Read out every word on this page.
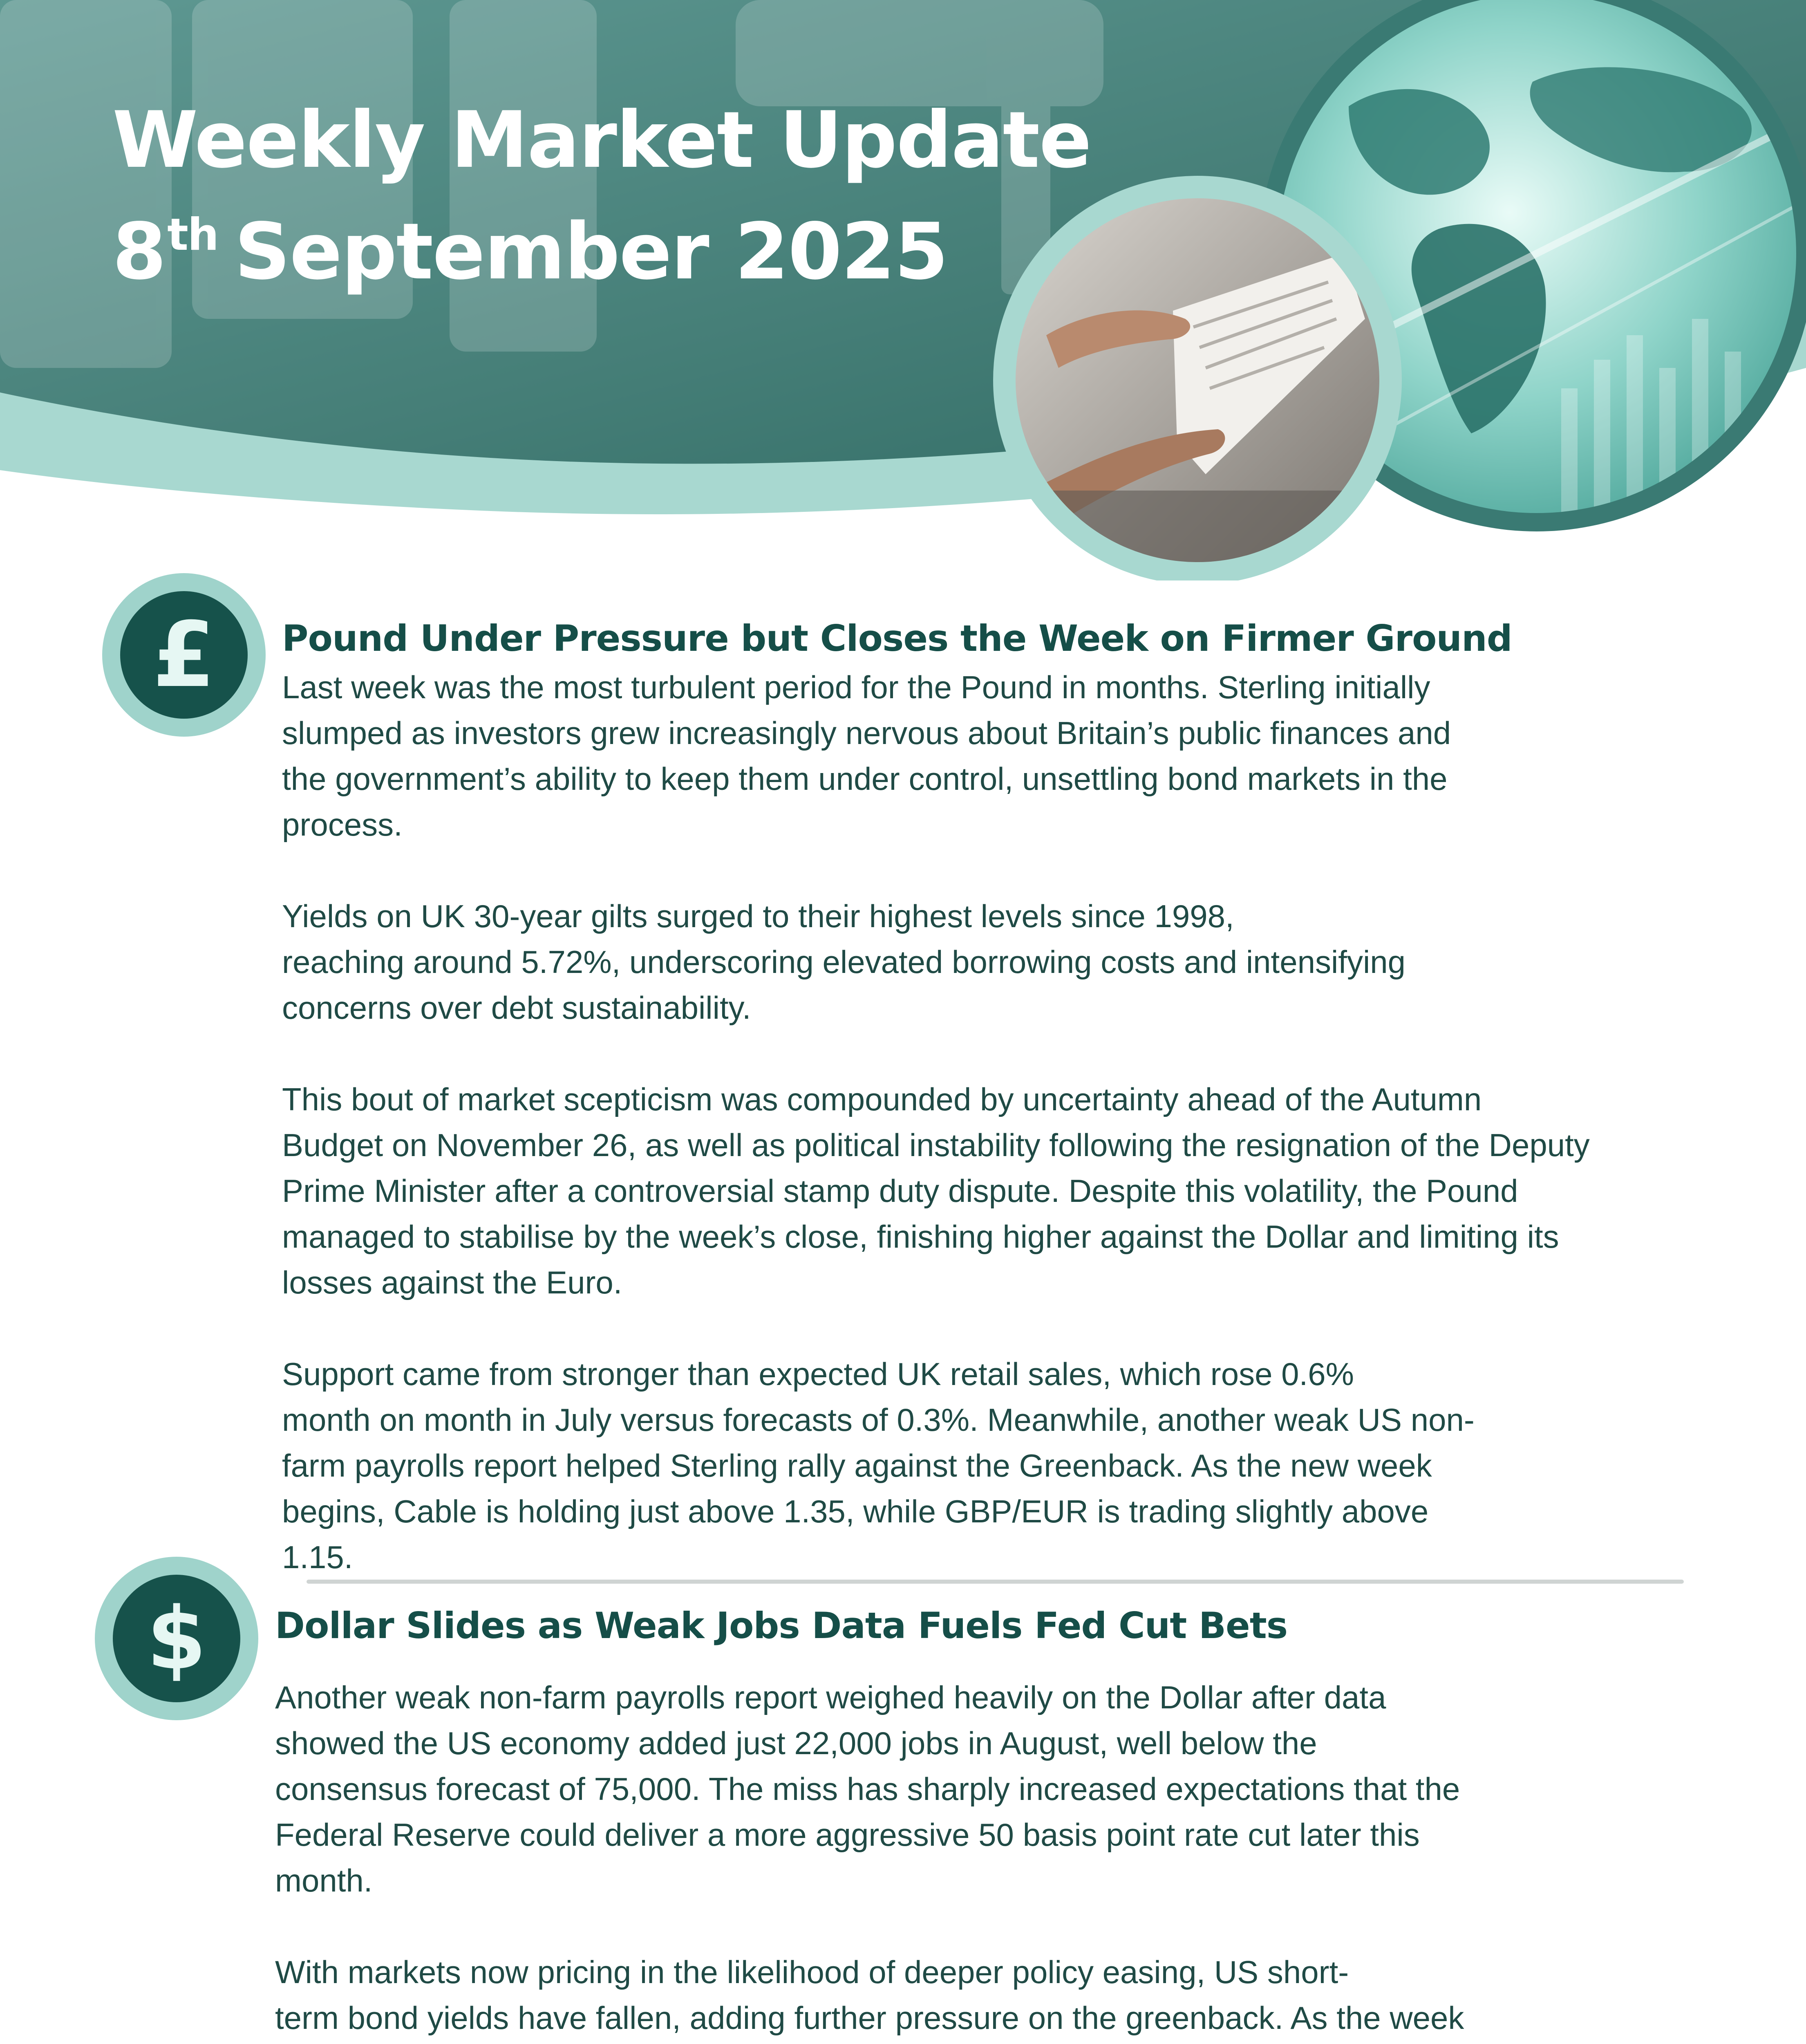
Weekly Market Update
8th September 2025
£	Pound Under Pressure but Closes the Week on Firmer Ground

Last week was the most turbulent period for the Pound in months. Sterling initially
slumped as investors grew increasingly nervous about Britain’s public finances and
the government’s ability to keep them under control, unsettling bond markets in the
process.

Yields on UK 30-year gilts surged to their highest levels since 1998,
reaching around 5.72%, underscoring elevated borrowing costs and intensifying
concerns over debt sustainability.

This bout of market scepticism was compounded by uncertainty ahead of the Autumn
Budget on November 26, as well as political instability following the resignation of the Deputy
Prime Minister after a controversial stamp duty dispute. Despite this volatility, the Pound
managed to stabilise by the week’s close, finishing higher against the Dollar and limiting its
losses against the Euro.

Support came from stronger than expected UK retail sales, which rose 0.6%
month on month in July versus forecasts of 0.3%. Meanwhile, another weak US non-
farm payrolls report helped Sterling rally against the Greenback. As the new week
begins, Cable is holding just above 1.35, while GBP/EUR is trading slightly above
1.15.

$	Dollar Slides as Weak Jobs Data Fuels Fed Cut Bets

Another weak non-farm payrolls report weighed heavily on the Dollar after data
showed the US economy added just 22,000 jobs in August, well below the
consensus forecast of 75,000. The miss has sharply increased expectations that the
Federal Reserve could deliver a more aggressive 50 basis point rate cut later this
month.

With markets now pricing in the likelihood of deeper policy easing, US short-
term bond yields have fallen, adding further pressure on the greenback. As the week
